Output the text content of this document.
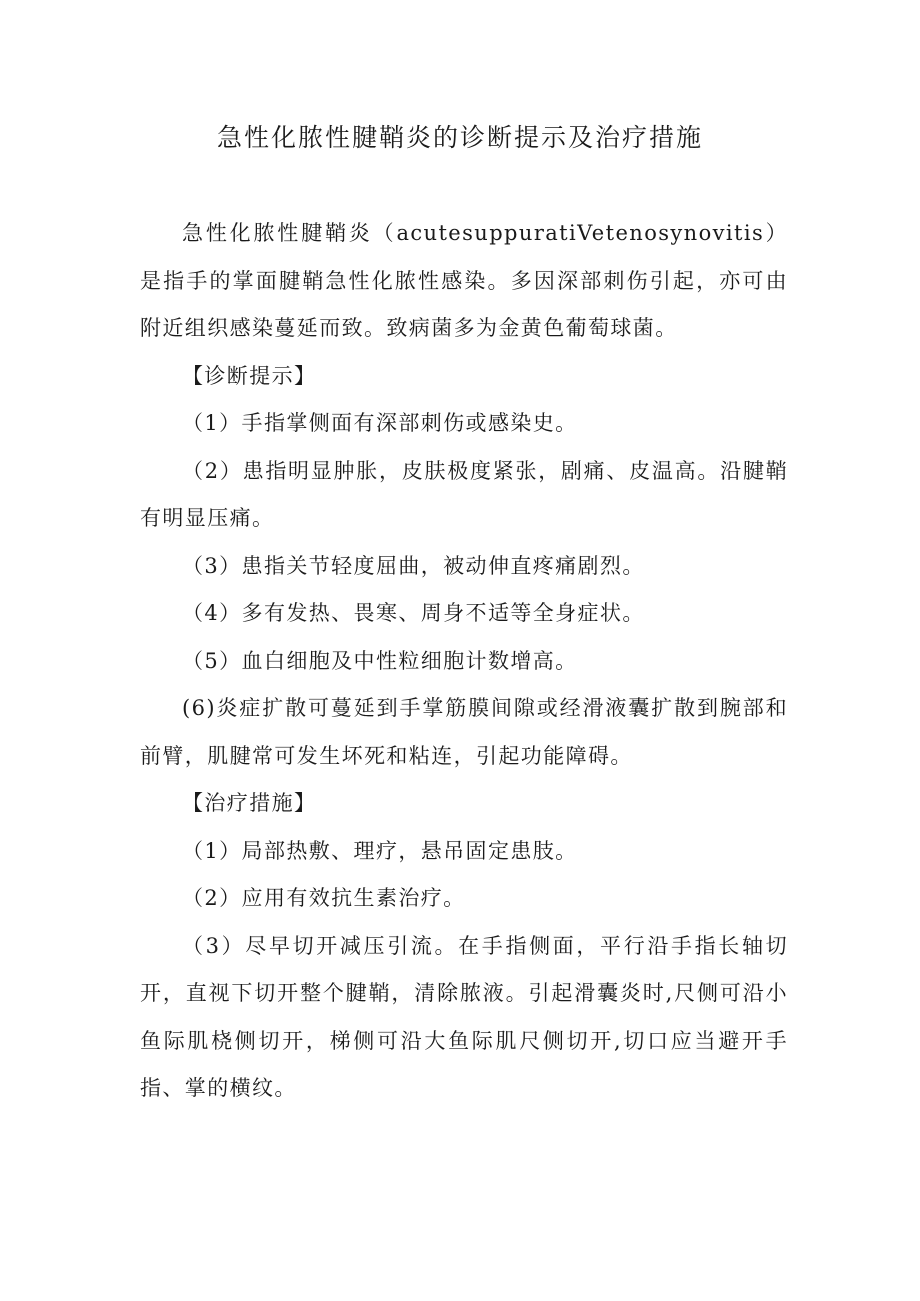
急性化脓性腱鞘炎的诊断提示及治疗措施

急性化脓性腱鞘炎（acutesuppuratiVetenosynovitis）是指手的掌面腱鞘急性化脓性感染。多因深部刺伤引起，亦可由附近组织感染蔓延而致。致病菌多为金黄色葡萄球菌。

【诊断提示】

（1）手指掌侧面有深部刺伤或感染史。

（2）患指明显肿胀，皮肤极度紧张，剧痛、皮温高。沿腱鞘有明显压痛。

（3）患指关节轻度屈曲，被动伸直疼痛剧烈。

（4）多有发热、畏寒、周身不适等全身症状。

（5）血白细胞及中性粒细胞计数增高。

(6)炎症扩散可蔓延到手掌筋膜间隙或经滑液囊扩散到腕部和前臂，肌腱常可发生坏死和粘连，引起功能障碍。

【治疗措施】

（1）局部热敷、理疗，悬吊固定患肢。

（2）应用有效抗生素治疗。

（3）尽早切开减压引流。在手指侧面，平行沿手指长轴切开，直视下切开整个腱鞘，清除脓液。引起滑囊炎时,尺侧可沿小鱼际肌桡侧切开，梯侧可沿大鱼际肌尺侧切开,切口应当避开手指、掌的横纹。
